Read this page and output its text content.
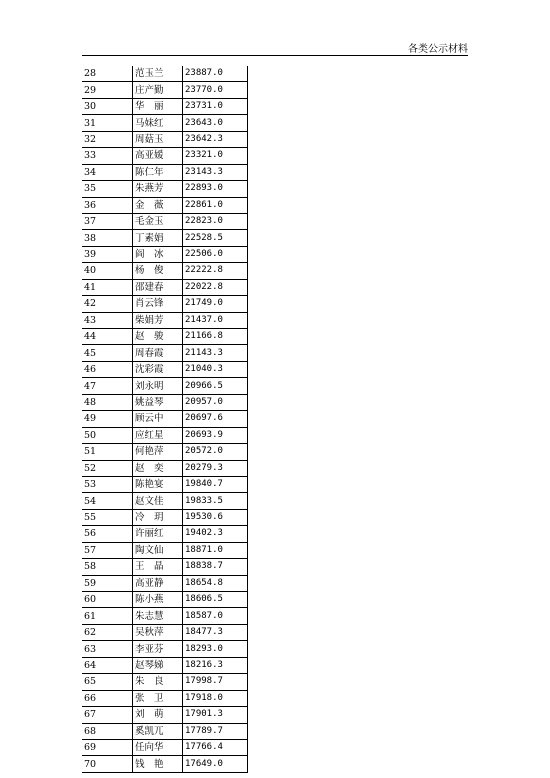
各类公示材料
28	范玉兰	23887.0
29	庄产勤	23770.0
30	华　丽	23731.0
31	马妹红	23643.0
32	周菇玉	23642.3
33	高亚媛	23321.0
34	陈仁年	23143.3
35	朱燕芳	22893.0
36	金　薇	22861.0
37	毛金玉	22823.0
38	丁素娟	22528.5
39	阎　冰	22506.0
40	杨　俊	22222.8
41	邵建春	22022.8
42	肖云锋	21749.0
43	柴娟芳	21437.0
44	赵　骏	21166.8
45	周春霞	21143.3
46	沈彩霞	21040.3
47	刘永明	20966.5
48	姚益琴	20957.0
49	顾云中	20697.6
50	应红星	20693.9
51	何艳萍	20572.0
52	赵　奕	20279.3
53	陈艳宴	19840.7
54	赵文佳	19833.5
55	冷　玥	19530.6
56	许丽红	19402.3
57	陶文仙	18871.0
58	王　晶	18838.7
59	高亚静	18654.8
60	陈小燕	18606.5
61	朱志慧	18587.0
62	吴秋萍	18477.3
63	李亚芬	18293.0
64	赵琴娣	18216.3
65	朱　良	17998.7
66	张　卫	17918.0
67	刘　萌	17901.3
68	奚凯兀	17789.7
69	任向华	17766.4
70	钱　艳	17649.0
